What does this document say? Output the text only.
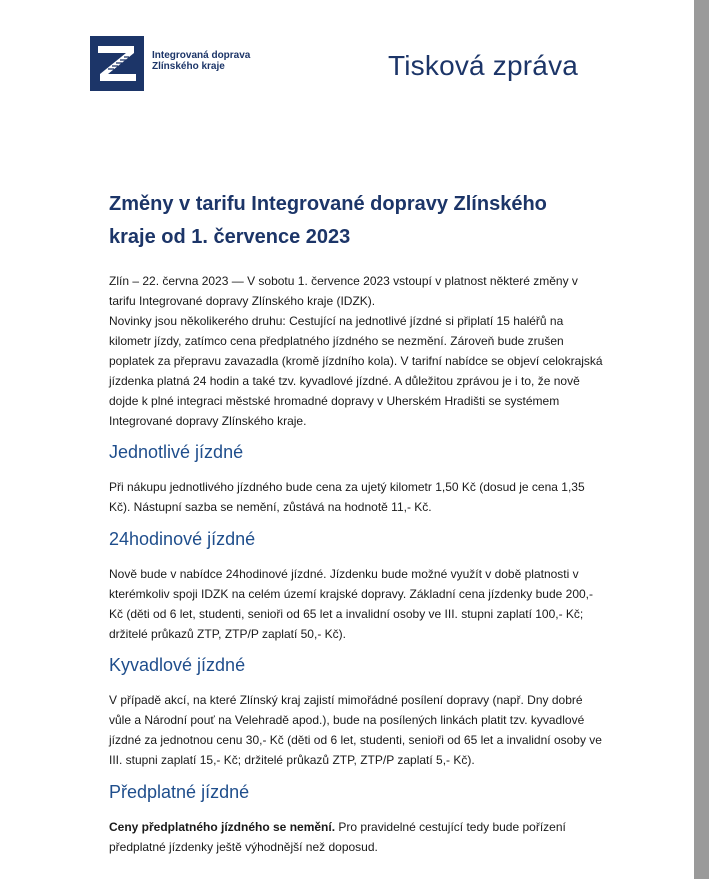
Integrovaná doprava
Zlínského kraje	Tisková zpráva
Změny v tarifu Integrované dopravy Zlínského kraje od 1. července 2023
Zlín – 22. června 2023 — V sobotu 1. července 2023 vstoupí v platnost některé změny v tarifu Integrované dopravy Zlínského kraje (IDZK).
Novinky jsou několikerého druhu: Cestující na jednotlivé jízdné si připlatí 15 haléřů na kilometr jízdy, zatímco cena předplatného jízdného se nezmění. Zároveň bude zrušen poplatek za přepravu zavazadla (kromě jízdního kola). V tarifní nabídce se objeví celokrajská jízdenka platná 24 hodin a také tzv. kyvadlové jízdné. A důležitou zprávou je i to, že nově dojde k plné integraci městské hromadné dopravy v Uherském Hradišti se systémem Integrované dopravy Zlínského kraje.
Jednotlivé jízdné
Při nákupu jednotlivého jízdného bude cena za ujetý kilometr 1,50 Kč (dosud je cena 1,35 Kč). Nástupní sazba se nemění, zůstává na hodnotě 11,- Kč.
24hodinové jízdné
Nově bude v nabídce 24hodinové jízdné. Jízdenku bude možné využít v době platnosti v kterémkoliv spoji IDZK na celém území krajské dopravy. Základní cena jízdenky bude 200,- Kč (děti od 6 let, studenti, senioři od 65 let a invalidní osoby ve III. stupni zaplatí 100,- Kč; držitelé průkazů ZTP, ZTP/P zaplatí 50,- Kč).
Kyvadlové jízdné
V případě akcí, na které Zlínský kraj zajistí mimořádné posílení dopravy (např. Dny dobré vůle a Národní pouť na Velehradě apod.), bude na posílených linkách platit tzv. kyvadlové jízdné za jednotnou cenu 30,- Kč (děti od 6 let, studenti, senioři od 65 let a invalidní osoby ve III. stupni zaplatí 15,- Kč; držitelé průkazů ZTP, ZTP/P zaplatí 5,- Kč).
Předplatné jízdné
Ceny předplatného jízdného se nemění. Pro pravidelné cestující tedy bude pořízení předplatné jízdenky ještě výhodnější než doposud.
